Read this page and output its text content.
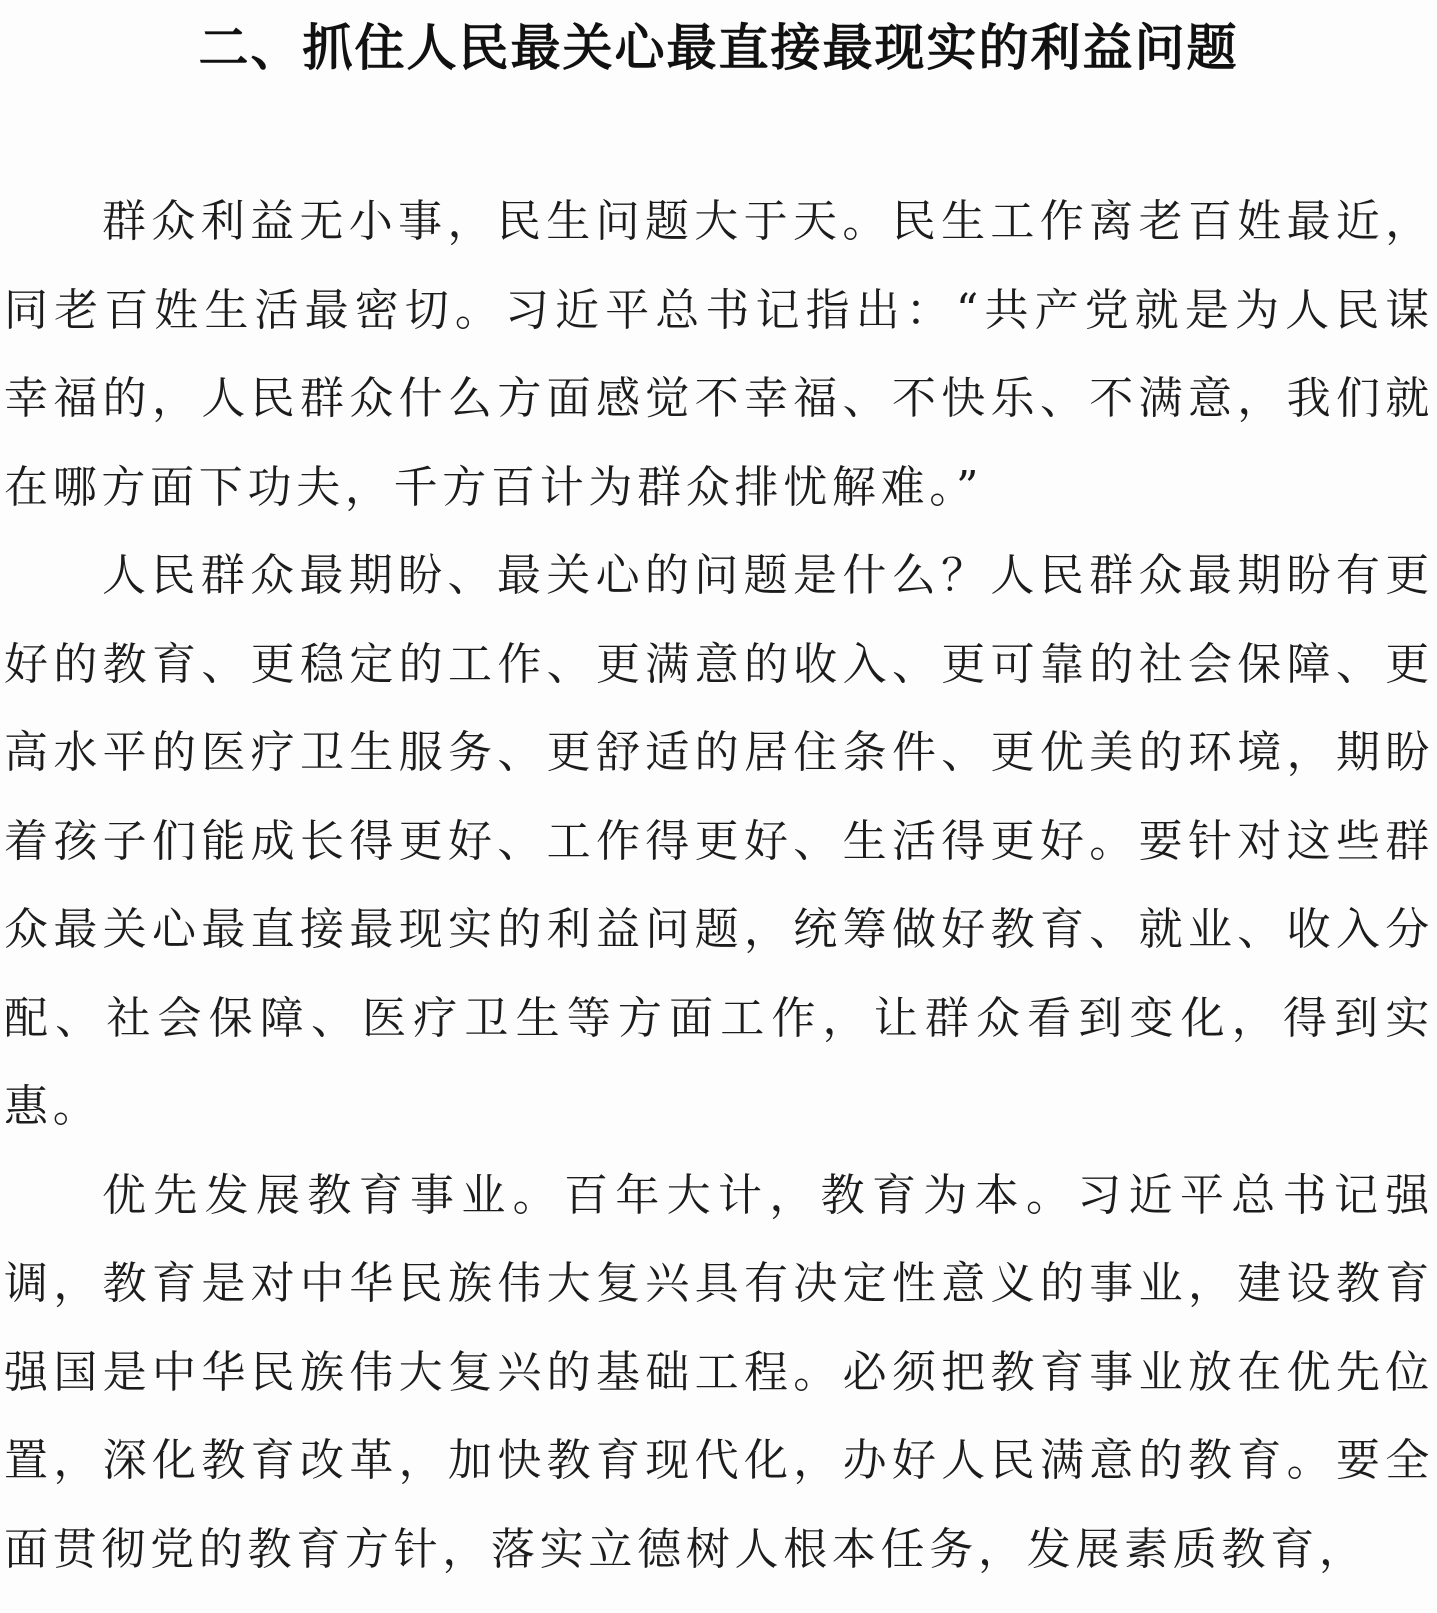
二、抓住人民最关心最直接最现实的利益问题

群众利益无小事，民生问题大于天。民生工作离老百姓最近，同老百姓生活最密切。习近平总书记指出：“共产党就是为人民谋幸福的，人民群众什么方面感觉不幸福、不快乐、不满意，我们就在哪方面下功夫，千方百计为群众排忧解难。”

人民群众最期盼、最关心的问题是什么？人民群众最期盼有更好的教育、更稳定的工作、更满意的收入、更可靠的社会保障、更高水平的医疗卫生服务、更舒适的居住条件、更优美的环境，期盼着孩子们能成长得更好、工作得更好、生活得更好。要针对这些群众最关心最直接最现实的利益问题，统筹做好教育、就业、收入分配、社会保障、医疗卫生等方面工作，让群众看到变化，得到实惠。

优先发展教育事业。百年大计，教育为本。习近平总书记强调，教育是对中华民族伟大复兴具有决定性意义的事业，建设教育强国是中华民族伟大复兴的基础工程。必须把教育事业放在优先位置，深化教育改革，加快教育现代化，办好人民满意的教育。要全面贯彻党的教育方针，落实立德树人根本任务，发展素质教育，
